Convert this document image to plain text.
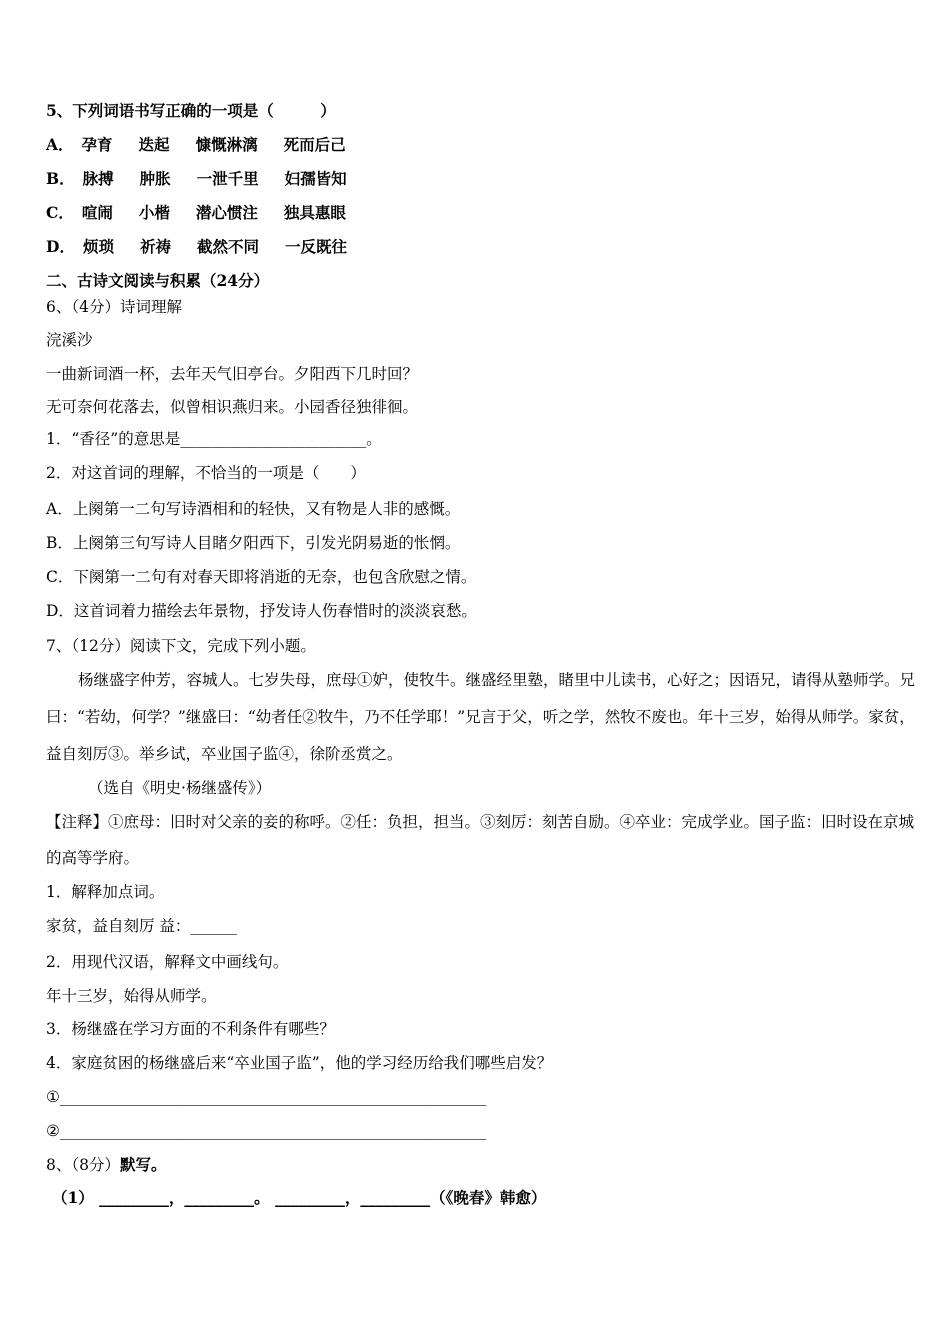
5、下列词语书写正确的一项是（　　　）
A． 孕育 迭起 慷慨淋漓 死而后己
B． 脉搏 肿胀 一泄千里 妇孺皆知
C． 喧闹 小楷 潜心惯注 独具惠眼
D． 烦琐 祈祷 截然不同 一反既往
二、古诗文阅读与积累（24分）
6、（4分）诗词理解
浣溪沙
一曲新词酒一杯，去年天气旧亭台。夕阳西下几时回？
无可奈何花落去，似曾相识燕归来。小园香径独徘徊。
1．“香径”的意思是________________________。
2．对这首词的理解，不恰当的一项是（　　）
A．上阕第一二句写诗酒相和的轻快，又有物是人非的感慨。
B．上阕第三句写诗人目睹夕阳西下，引发光阴易逝的怅惘。
C．下阕第一二句有对春天即将消逝的无奈，也包含欣慰之情。
D．这首词着力描绘去年景物，抒发诗人伤春惜时的淡淡哀愁。
7、（12分）阅读下文，完成下列小题。
杨继盛字仲芳，容城人。七岁失母，庶母①妒，使牧牛。继盛经里塾，睹里中儿读书，心好之；因语兄，请得从塾师学。兄曰：“若幼，何学？”继盛曰：“幼者任②牧牛，乃不任学耶！”兄言于父，听之学，然牧不废也。年十三岁，始得从师学。家贫，益自刻厉③。举乡试，卒业国子监④，徐阶丞赏之。
（选自《明史·杨继盛传》）
【注释】①庶母：旧时对父亲的妾的称呼。②任：负担，担当。③刻厉：刻苦自励。④卒业：完成学业。国子监：旧时设在京城的高等学府。
1．解释加点词。
家贫，益自刻厉 益：______
2．用现代汉语，解释文中画线句。
年十三岁，始得从师学。
3．杨继盛在学习方面的不利条件有哪些？
4．家庭贫困的杨继盛后来“卒业国子监”，他的学习经历给我们哪些启发？
①_______________________________________________________
②_______________________________________________________
8、（8分）默写。
（1） _________，_________。 _________，_________（《晚春》韩愈）
